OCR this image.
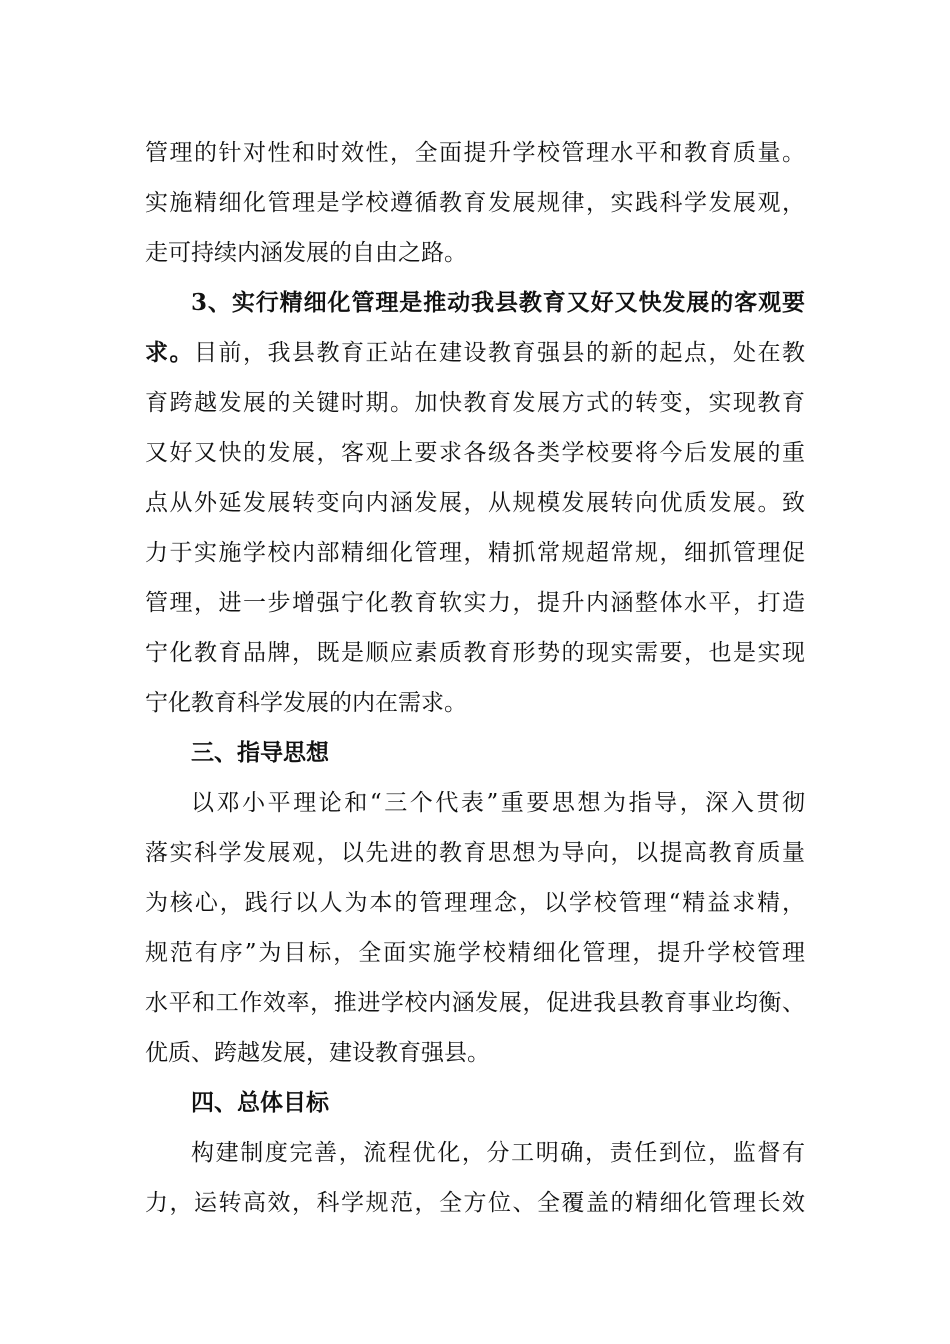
管理的针对性和时效性，全面提升学校管理水平和教育质量。
实施精细化管理是学校遵循教育发展规律，实践科学发展观，
走可持续内涵发展的自由之路。
3、实行精细化管理是推动我县教育又好又快发展的客观要
求。目前，我县教育正站在建设教育强县的新的起点，处在教
育跨越发展的关键时期。加快教育发展方式的转变，实现教育
又好又快的发展，客观上要求各级各类学校要将今后发展的重
点从外延发展转变向内涵发展，从规模发展转向优质发展。致
力于实施学校内部精细化管理，精抓常规超常规，细抓管理促
管理，进一步增强宁化教育软实力，提升内涵整体水平，打造
宁化教育品牌，既是顺应素质教育形势的现实需要，也是实现
宁化教育科学发展的内在需求。
三、指导思想
以邓小平理论和“三个代表”重要思想为指导，深入贯彻
落实科学发展观，以先进的教育思想为导向，以提高教育质量
为核心，践行以人为本的管理理念，以学校管理“精益求精，
规范有序”为目标，全面实施学校精细化管理，提升学校管理
水平和工作效率，推进学校内涵发展，促进我县教育事业均衡、
优质、跨越发展，建设教育强县。
四、总体目标
构建制度完善，流程优化，分工明确，责任到位，监督有
力，运转高效，科学规范，全方位、全覆盖的精细化管理长效
